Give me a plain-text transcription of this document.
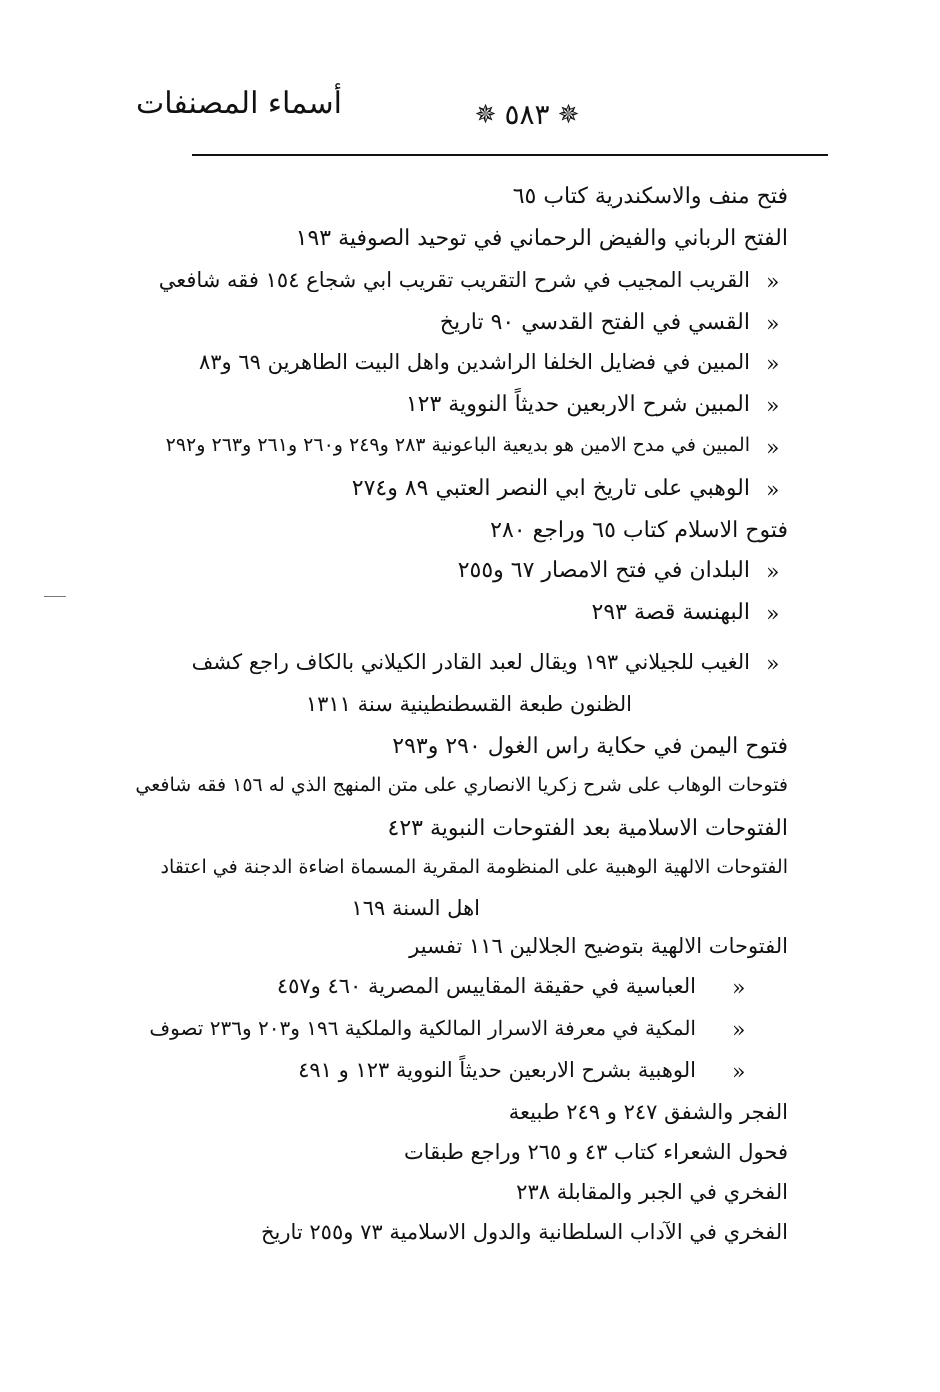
أسماء المصنفات	✵
٥٨٣
✵
فتح منف والاسكندرية كتاب ٦٥
الفتح الرباني والفيض الرحماني في توحيد الصوفية ١٩٣
»
القريب المجيب في شرح التقريب تقريب ابي شجاع ١٥٤ فقه شافعي
»
القسي في الفتح القدسي ٩٠ تاريخ
»
المبين في فضايل الخلفا الراشدين واهل البيت الطاهرين ٦٩ و٨٣
»
المبين شرح الاربعين حديثاً النووية ١٢٣
»
المبين في مدح الامين هو بديعية الباعونية ٢٨٣ و٢٤٩ و٢٦٠ و٢٦١ و٢٦٣ و٢٩٢
»
الوهبي على تاريخ ابي النصر العتبي ٨٩ و٢٧٤
فتوح الاسلام كتاب ٦٥ وراجع ٢٨٠
»
البلدان في فتح الامصار ٦٧ و٢٥٥
»
البهنسة قصة ٢٩٣
»
الغيب للجيلاني ١٩٣ ويقال لعبد القادر الكيلاني بالكاف راجع كشف
الظنون طبعة القسطنطينية سنة ١٣١١
فتوح اليمن في حكاية راس الغول ٢٩٠ و٢٩٣
فتوحات الوهاب على شرح زكريا الانصاري على متن المنهج الذي له ١٥٦ فقه شافعي
الفتوحات الاسلامية بعد الفتوحات النبوية ٤٢٣
الفتوحات الالهية الوهبية على المنظومة المقرية المسماة اضاءة الدجنة في اعتقاد
اهل السنة ١٦٩
الفتوحات الالهية بتوضيح الجلالين ١١٦ تفسير
»
العباسية في حقيقة المقاييس المصرية ٤٦٠ و٤٥٧
»
المكية في معرفة الاسرار المالكية والملكية ١٩٦ و٢٠٣ و٢٣٦ تصوف
»
الوهبية بشرح الاربعين حديثاً النووية ١٢٣ و ٤٩١
الفجر والشفق ٢٤٧ و ٢٤٩ طبيعة
فحول الشعراء كتاب ٤٣ و ٢٦٥ وراجع طبقات
الفخري في الجبر والمقابلة ٢٣٨
الفخري في الآداب السلطانية والدول الاسلامية ٧٣ و٢٥٥ تاريخ
